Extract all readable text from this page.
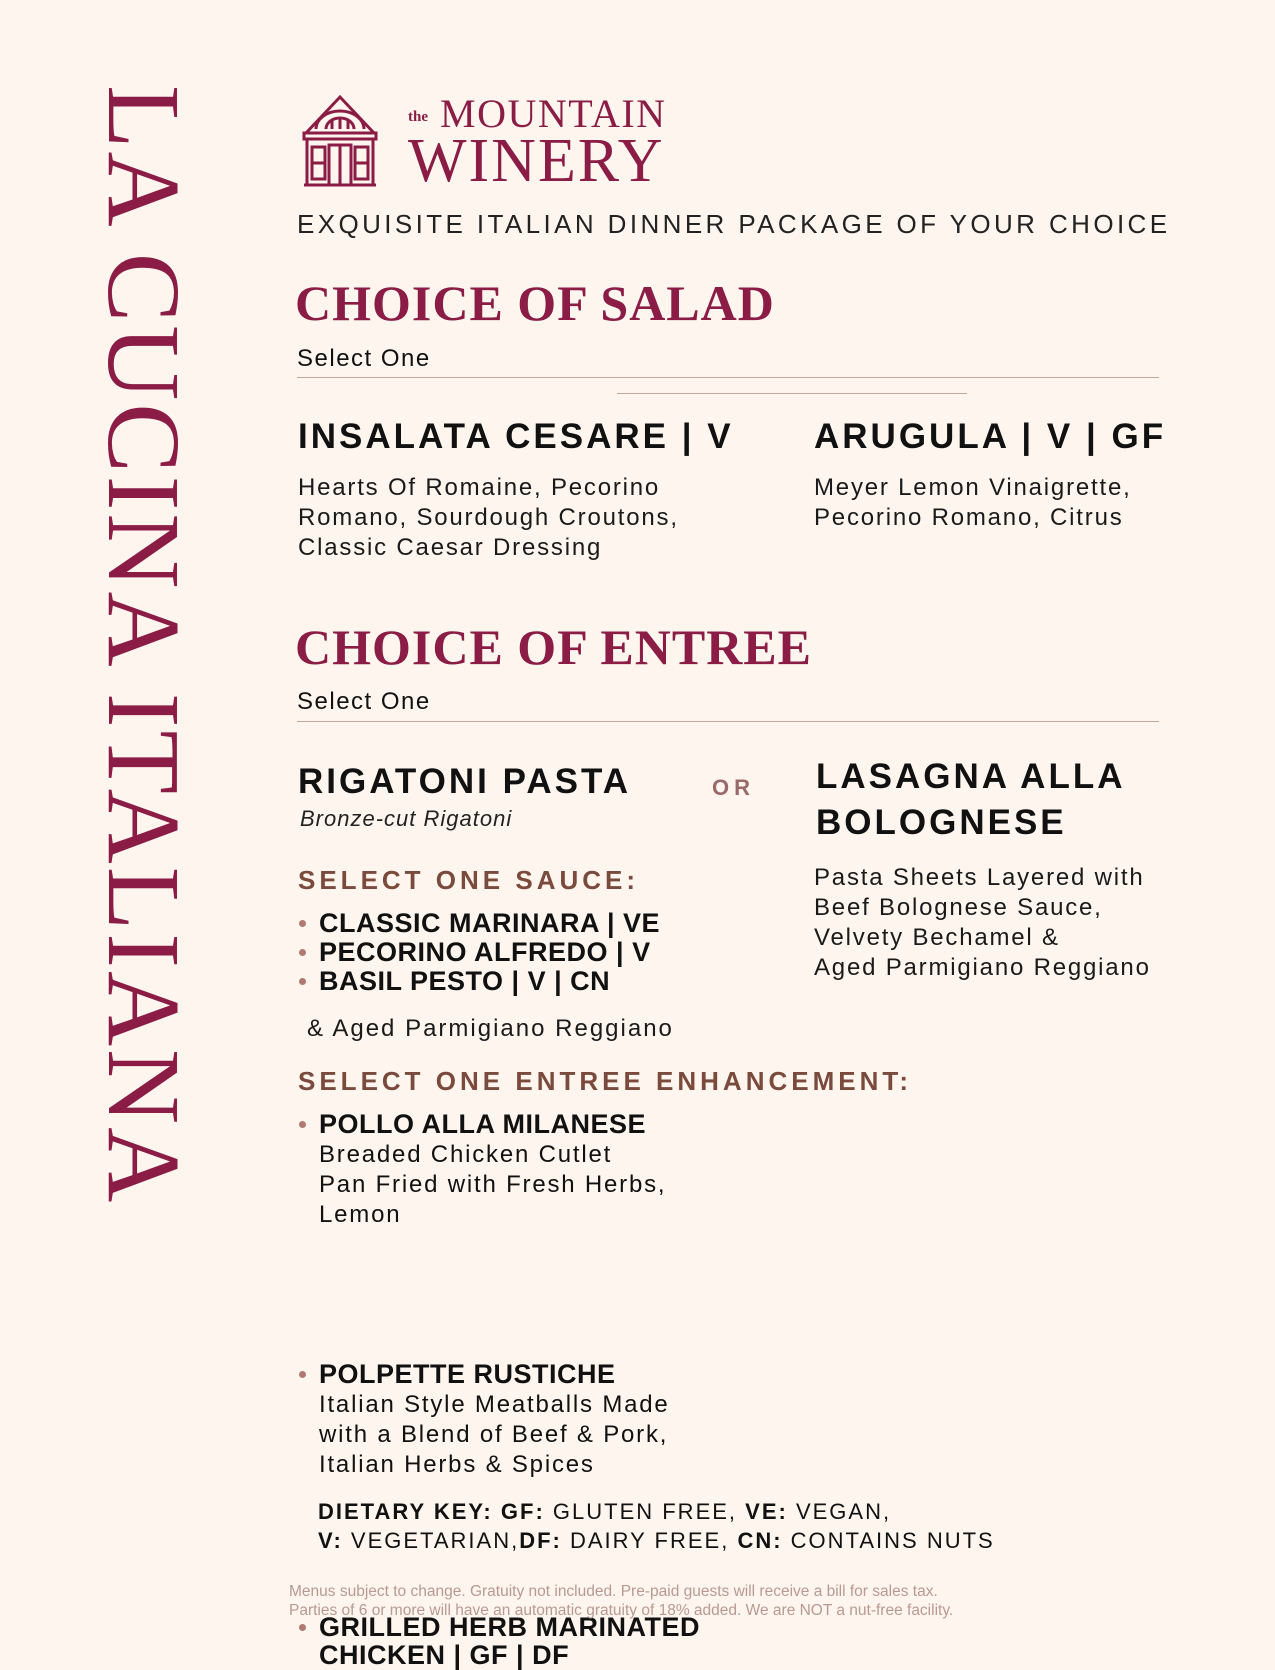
LA CUCINA ITALIANA	the MOUNTAIN
WINERY
EXQUISITE ITALIAN DINNER PACKAGE OF YOUR CHOICE
CHOICE OF SALAD
Select One
INSALATA CESARE | V
Hearts Of Romaine, Pecorino
Romano, Sourdough Croutons,
Classic Caesar Dressing
ARUGULA | V | GF
Meyer Lemon Vinaigrette,
Pecorino Romano, Citrus
CHOICE OF ENTREE
Select One
RIGATONI PASTA
Bronze-cut Rigatoni
OR LASAGNA ALLA
BOLOGNESE
Pasta Sheets Layered with
Beef Bolognese Sauce,
Velvety Bechamel &
Aged Parmigiano Reggiano
SELECT ONE SAUCE:
CLASSIC MARINARA | VE
PECORINO ALFREDO | V
BASIL PESTO | V | CN
& Aged Parmigiano Reggiano
SELECT ONE ENTREE ENHANCEMENT:
POLLO ALLA MILANESE
Breaded Chicken Cutlet
Pan Fried with Fresh Herbs,
Lemon
POLPETTE RUSTICHE
Italian Style Meatballs Made
with a Blend of Beef & Pork,
Italian Herbs & Spices
GRILLED HERB MARINATED
CHICKEN | GF | DF
DIETARY KEY: GF: GLUTEN FREE, VE: VEGAN,
V: VEGETARIAN,DF: DAIRY FREE, CN: CONTAINS NUTS
Menus subject to change. Gratuity not included. Pre-paid guests will receive a bill for sales tax.
Parties of 6 or more will have an automatic gratuity of 18% added. We are NOT a nut-free facility.
